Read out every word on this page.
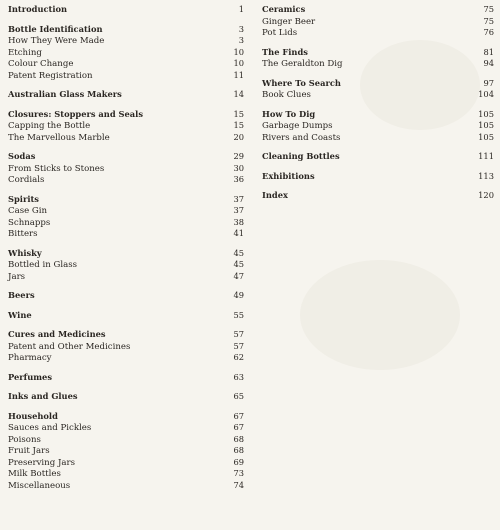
Introduction	1
Bottle Identification	3
How They Were Made	3
Etching	10
Colour Change	10
Patent Registration	11
Australian Glass Makers	14
Closures: Stoppers and Seals	15
Capping the Bottle	15
The Marvellous Marble	20
Sodas	29
From Sticks to Stones	30
Cordials	36
Spirits	37
Case Gin	37
Schnapps	38
Bitters	41
Whisky	45
Bottled in Glass	45
Jars	47
Beers	49
Wine	55
Cures and Medicines	57
Patent and Other Medicines	57
Pharmacy	62
Perfumes	63
Inks and Glues	65
Household	67
Sauces and Pickles	67
Poisons	68
Fruit Jars	68
Preserving Jars	69
Milk Bottles	73
Miscellaneous	74
Ceramics	75
Ginger Beer	75
Pot Lids	76
The Finds	81
The Geraldton Dig	94
Where To Search	97
Book Clues	104
How To Dig	105
Garbage Dumps	105
Rivers and Coasts	105
Cleaning Bottles	111
Exhibitions	113
Index	120
